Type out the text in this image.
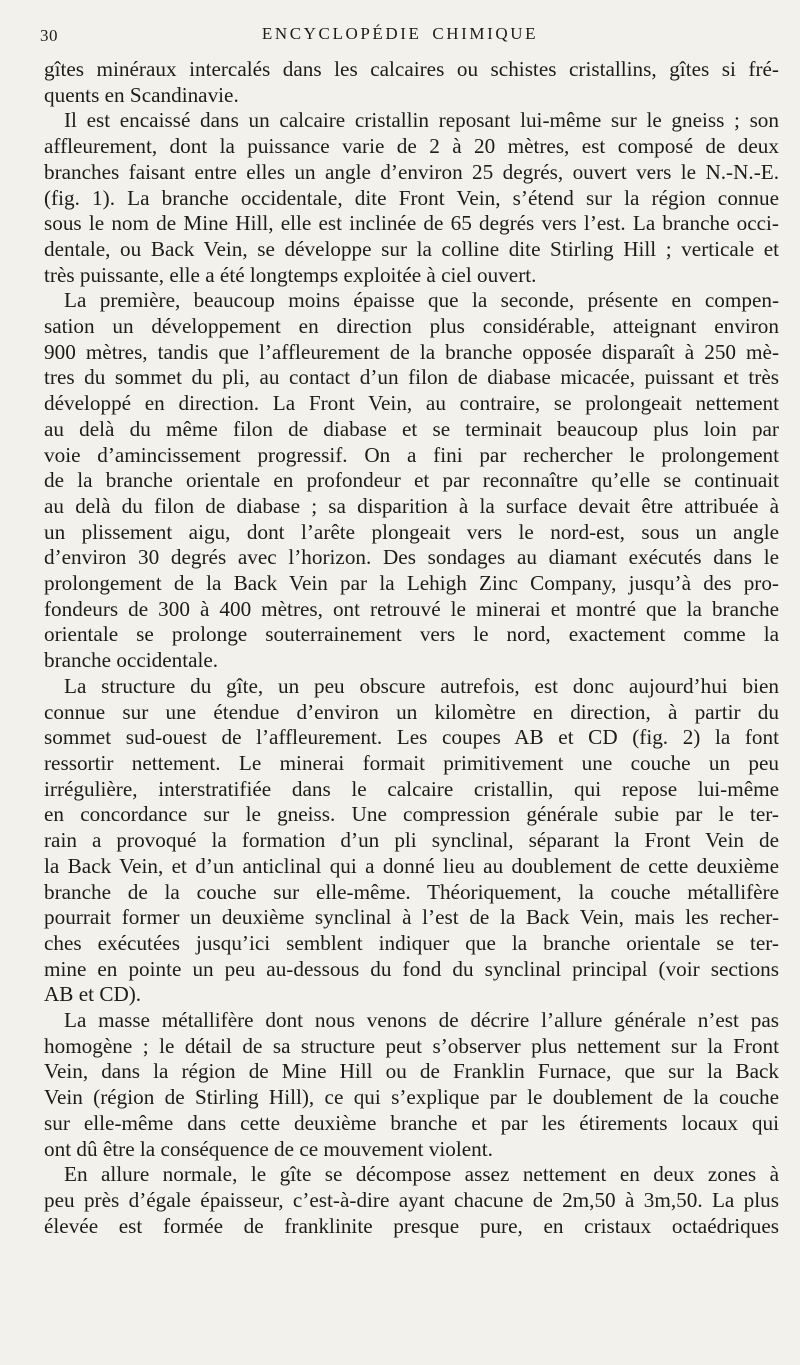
30	ENCYCLOPÉDIE CHIMIQUE

gîtes minéraux intercalés dans les calcaires ou schistes cristallins, gîtes si fré-

quents en Scandinavie.

Il est encaissé dans un calcaire cristallin reposant lui-même sur le gneiss ; son

affleurement, dont la puissance varie de 2 à 20 mètres, est composé de deux

branches faisant entre elles un angle d’environ 25 degrés, ouvert vers le N.-N.-E.

(fig. 1). La branche occidentale, dite Front Vein, s’étend sur la région connue

sous le nom de Mine Hill, elle est inclinée de 65 degrés vers l’est. La branche occi-

dentale, ou Back Vein, se développe sur la colline dite Stirling Hill ; verticale et

très puissante, elle a été longtemps exploitée à ciel ouvert.

La première, beaucoup moins épaisse que la seconde, présente en compen-

sation un développement en direction plus considérable, atteignant environ

900 mètres, tandis que l’affleurement de la branche opposée disparaît à 250 mè-

tres du sommet du pli, au contact d’un filon de diabase micacée, puissant et très

développé en direction. La Front Vein, au contraire, se prolongeait nettement

au delà du même filon de diabase et se terminait beaucoup plus loin par

voie d’amincissement progressif. On a fini par rechercher le prolongement

de la branche orientale en profondeur et par reconnaître qu’elle se continuait

au delà du filon de diabase ; sa disparition à la surface devait être attribuée à

un plissement aigu, dont l’arête plongeait vers le nord-est, sous un angle

d’environ 30 degrés avec l’horizon. Des sondages au diamant exécutés dans le

prolongement de la Back Vein par la Lehigh Zinc Company, jusqu’à des pro-

fondeurs de 300 à 400 mètres, ont retrouvé le minerai et montré que la branche

orientale se prolonge souterrainement vers le nord, exactement comme la

branche occidentale.

La structure du gîte, un peu obscure autrefois, est donc aujourd’hui bien

connue sur une étendue d’environ un kilomètre en direction, à partir du

sommet sud-ouest de l’affleurement. Les coupes AB et CD (fig. 2) la font

ressortir nettement. Le minerai formait primitivement une couche un peu

irrégulière, interstratifiée dans le calcaire cristallin, qui repose lui-même

en concordance sur le gneiss. Une compression générale subie par le ter-

rain a provoqué la formation d’un pli synclinal, séparant la Front Vein de

la Back Vein, et d’un anticlinal qui a donné lieu au doublement de cette deuxième

branche de la couche sur elle-même. Théoriquement, la couche métallifère

pourrait former un deuxième synclinal à l’est de la Back Vein, mais les recher-

ches exécutées jusqu’ici semblent indiquer que la branche orientale se ter-

mine en pointe un peu au-dessous du fond du synclinal principal (voir sections

AB et CD).

La masse métallifère dont nous venons de décrire l’allure générale n’est pas

homogène ; le détail de sa structure peut s’observer plus nettement sur la Front

Vein, dans la région de Mine Hill ou de Franklin Furnace, que sur la Back

Vein (région de Stirling Hill), ce qui s’explique par le doublement de la couche

sur elle-même dans cette deuxième branche et par les étirements locaux qui

ont dû être la conséquence de ce mouvement violent.

En allure normale, le gîte se décompose assez nettement en deux zones à

peu près d’égale épaisseur, c’est-à-dire ayant chacune de 2m,50 à 3m,50. La plus

élevée est formée de franklinite presque pure, en cristaux octaédriques
